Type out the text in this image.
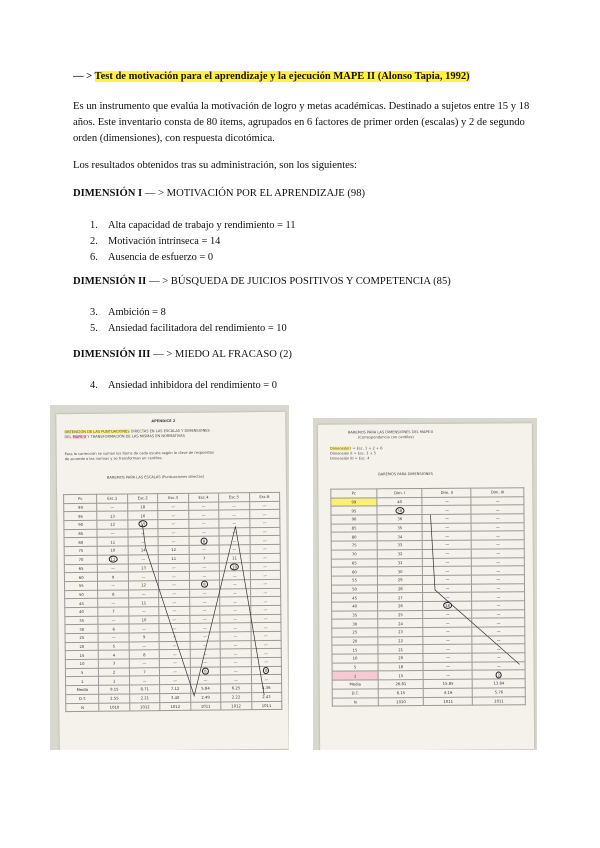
— > Test de motivación para el aprendizaje y la ejecución MAPE II (Alonso Tapia, 1992)
Es un instrumento que evalúa la motivación de logro y metas académicas. Destinado a sujetos entre 15 y 18 años. Este inventario consta de 80 ítems, agrupados en 6 factores de primer orden (escalas) y 2 de segundo orden (dimensiones), con respuesta dicotómica.
Los resultados obtenidos tras su administración, son los siguientes:
DIMENSIÓN I — > MOTIVACIÓN POR EL APRENDIZAJE (98)
1. Alta capacidad de trabajo y rendimiento = 11
2. Motivación intrínseca = 14
6. Ausencia de esfuerzo = 0
DIMENSIÓN II — > BÚSQUEDA DE JUICIOS POSITIVOS Y COMPETENCIA (85)
3. Ambición = 8
5. Ansiedad facilitadora del rendimiento = 10
DIMENSIÓN III — > MIEDO AL FRACASO (2)
4. Ansiedad inhibidora del rendimiento = 0
APENDICE 2
OBTENCIÓN DE LAS PUNTUACIONES DIRECTAS EN LAS ESCALAS Y DIMENSIONES
DEL MAPE-II Y TRANSFORMACIÓN DE LAS MISMAS EN NORMATIVAS
Para la corrección se suman los ítems de cada escala según la clave de respuestas
de acuerdo a las normas y se transforman en centiles.
BAREMOS PARA LAS ESCALAS (Puntuaciones directas)
Pc	Esc.1	Esc.2	Esc.3	Esc.4	Esc.5	Esc.6
99	—	18	—	—	—	—
95	13	16	—	—	—	—
90	12	15	—	—	—	—
85	—	—	—	—	—	—
80	11	—	—	8	—	—
75	10	14	12	—	—	—
70	11	—	11	7	11	—
65	—	13	—	—	10	—
60	9	—	—	—	—	—
55	—	12	—	8	—	—
50	8	—	—	—	—	—
45	—	11	—	—	—	—
40	7	—	—	—	—	—
35	—	10	—	—	—	—
30	6	—	—	—	—	—
25	—	9	—	—	—	—
20	5	—	—	—	—	—
15	4	8	—	—	—	—
10	3	—	—	—	—	—
5	2	7	—	0	—	0
1	1	—	—	—	—	—
Media	9.15	8.71	7.12	5.84	6.25	4.36
D.T.	2.55	2.21	3.40	2.49	2.22	2.43
N	1010	1012	1012	1011	1012	1011
BAREMOS PARA LAS DIMENSIONES DEL MAPE-II
(Correspondencia con centiles)
Dimensión I = Esc. 1 + 2 + 6
Dimensión II = Esc. 3 + 5
Dimensión III = Esc. 4
BAREMOS PARA DIMENSIONES
Pc	Dim. I	Dim. II	Dim. III
99	40	—	—
95	38	—	—
90	36	—	—
85	35	—	—
80	34	—	—
75	33	—	—
70	32	—	—
65	31	—	—
60	30	—	—
55	29	—	—
50	28	—	—
45	27	—	—
40	26	18	—
35	25	—	—
30	24	—	—
25	23	—	—
20	22	—	—
15	21	—	—
10	20	—	—
5	18	—	—
1	15	—	2
Media	26.81	15.85	13.84
D.T.	6.15	4.16	5.76
N	1010	1011	1011
